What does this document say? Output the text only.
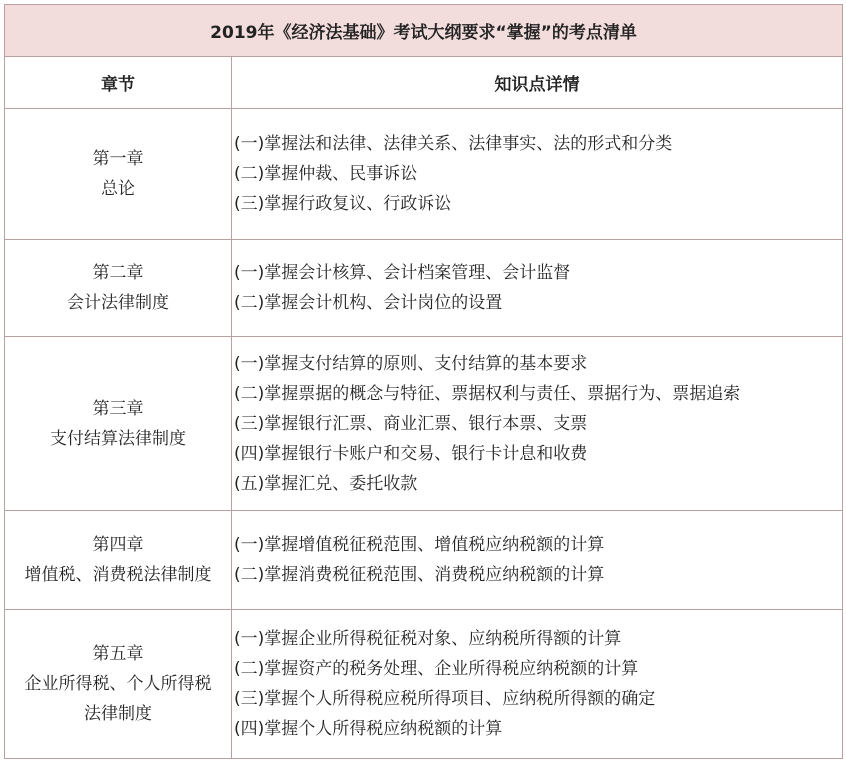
2019年《经济法基础》考试大纲要求“掌握”的考点清单	
章节	知识点详情

第一章
总论	(一)掌握法和法律、法律关系、法律事实、法的形式和分类
(二)掌握仲裁、民事诉讼
(三)掌握行政复议、行政诉讼

第二章
会计法律制度	(一)掌握会计核算、会计档案管理、会计监督
(二)掌握会计机构、会计岗位的设置

第三章
支付结算法律制度	(一)掌握支付结算的原则、支付结算的基本要求
(二)掌握票据的概念与特征、票据权利与责任、票据行为、票据追索
(三)掌握银行汇票、商业汇票、银行本票、支票
(四)掌握银行卡账户和交易、银行卡计息和收费
(五)掌握汇兑、委托收款

第四章
增值税、消费税法律制度	(一)掌握增值税征税范围、增值税应纳税额的计算
(二)掌握消费税征税范围、消费税应纳税额的计算

第五章
企业所得税、个人所得税
法律制度	(一)掌握企业所得税征税对象、应纳税所得额的计算
(二)掌握资产的税务处理、企业所得税应纳税额的计算
(三)掌握个人所得税应税所得项目、应纳税所得额的确定
(四)掌握个人所得税应纳税额的计算
